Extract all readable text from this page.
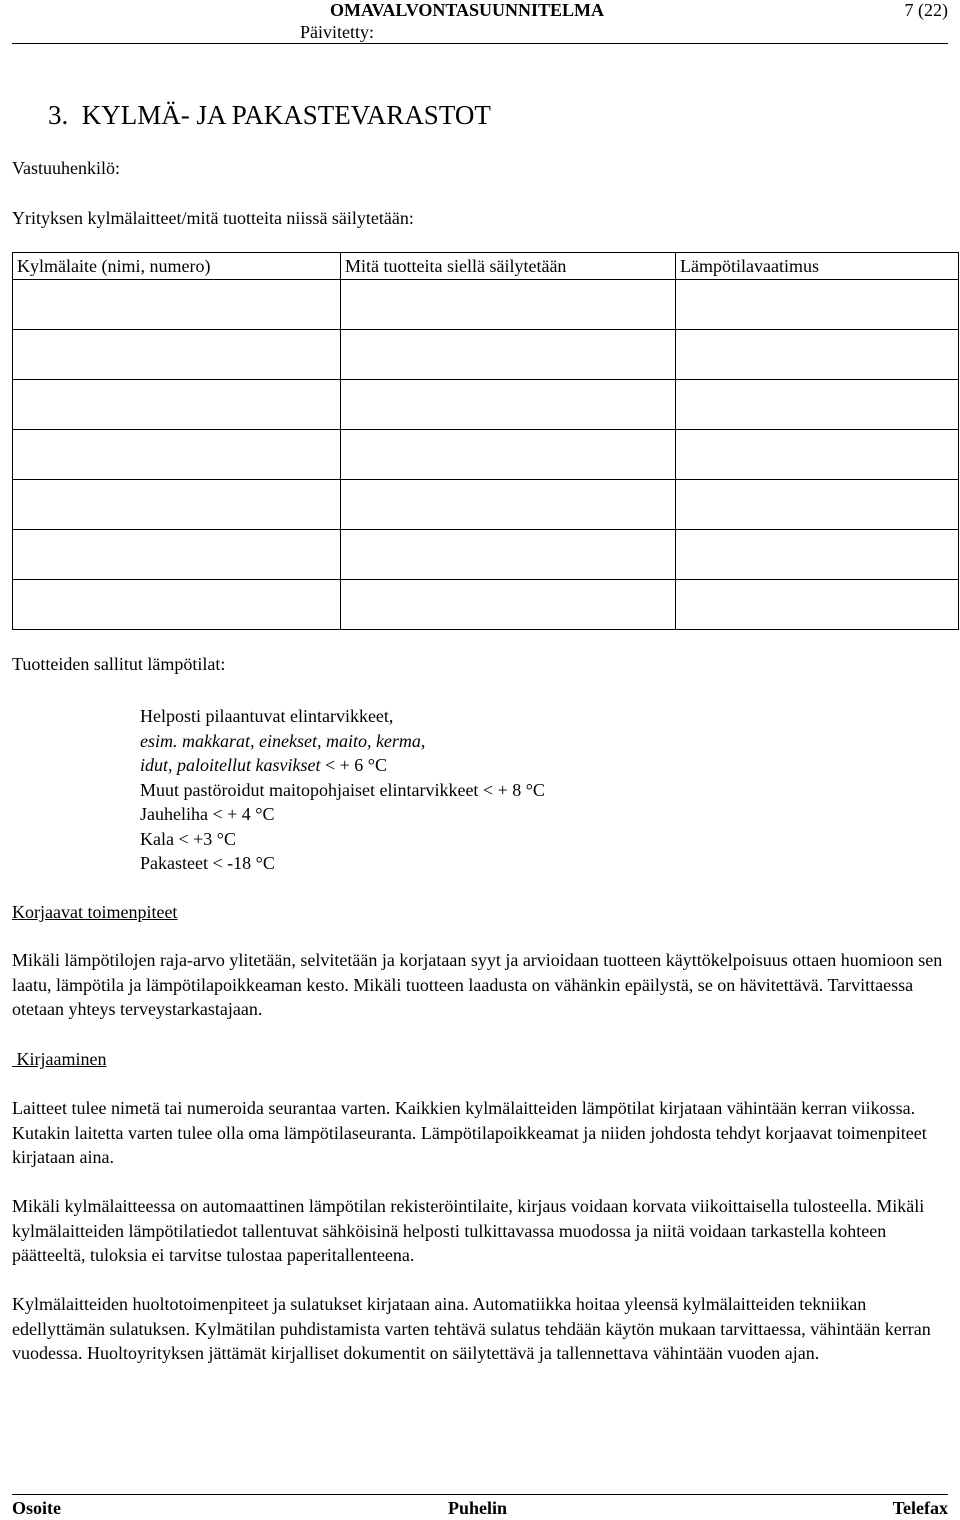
OMAVALVONTASUUNNITELMA	7 (22)
Päivitetty:
3. KYLMÄ- JA PAKASTEVARASTOT
Vastuuhenkilö:
Yrityksen kylmälaitteet/mitä tuotteita niissä säilytetään:
Kylmälaite (nimi, numero)	Mitä tuotteita siellä säilytetään	Lämpötilavaatimus

Tuotteiden sallitut lämpötilat:
Helposti pilaantuvat elintarvikkeet,
esim. makkarat, einekset, maito, kerma,
idut, paloitellut kasvikset < + 6 °C
Muut pastöroidut maitopohjaiset elintarvikkeet < + 8 °C
Jauheliha < + 4 °C
Kala < +3 °C
Pakasteet < -18 °C
Korjaavat toimenpiteet
Mikäli lämpötilojen raja-arvo ylitetään, selvitetään ja korjataan syyt ja arvioidaan tuotteen käyttökelpoisuus ottaen huomioon sen laatu, lämpötila ja lämpötilapoikkeaman kesto. Mikäli tuotteen laadusta on vähänkin epäilystä, se on hävitettävä. Tarvittaessa otetaan yhteys terveystarkastajaan.
Kirjaaminen
Laitteet tulee nimetä tai numeroida seurantaa varten. Kaikkien kylmälaitteiden lämpötilat kirjataan vähintään kerran viikossa. Kutakin laitetta varten tulee olla oma lämpötilaseuranta. Lämpötilapoikkeamat ja niiden johdosta tehdyt korjaavat toimenpiteet kirjataan aina.
Mikäli kylmälaitteessa on automaattinen lämpötilan rekisteröintilaite, kirjaus voidaan korvata viikoittaisella tulosteella. Mikäli kylmälaitteiden lämpötilatiedot tallentuvat sähköisinä helposti tulkittavassa muodossa ja niitä voidaan tarkastella kohteen päätteeltä, tuloksia ei tarvitse tulostaa paperitallenteena.
Kylmälaitteiden huoltotoimenpiteet ja sulatukset kirjataan aina. Automatiikka hoitaa yleensä kylmälaitteiden tekniikan edellyttämän sulatuksen. Kylmätilan puhdistamista varten tehtävä sulatus tehdään käytön mukaan tarvittaessa, vähintään kerran vuodessa. Huoltoyrityksen jättämät kirjalliset dokumentit on säilytettävä ja tallennettava vähintään vuoden ajan.
Osoite	Puhelin	Telefax
